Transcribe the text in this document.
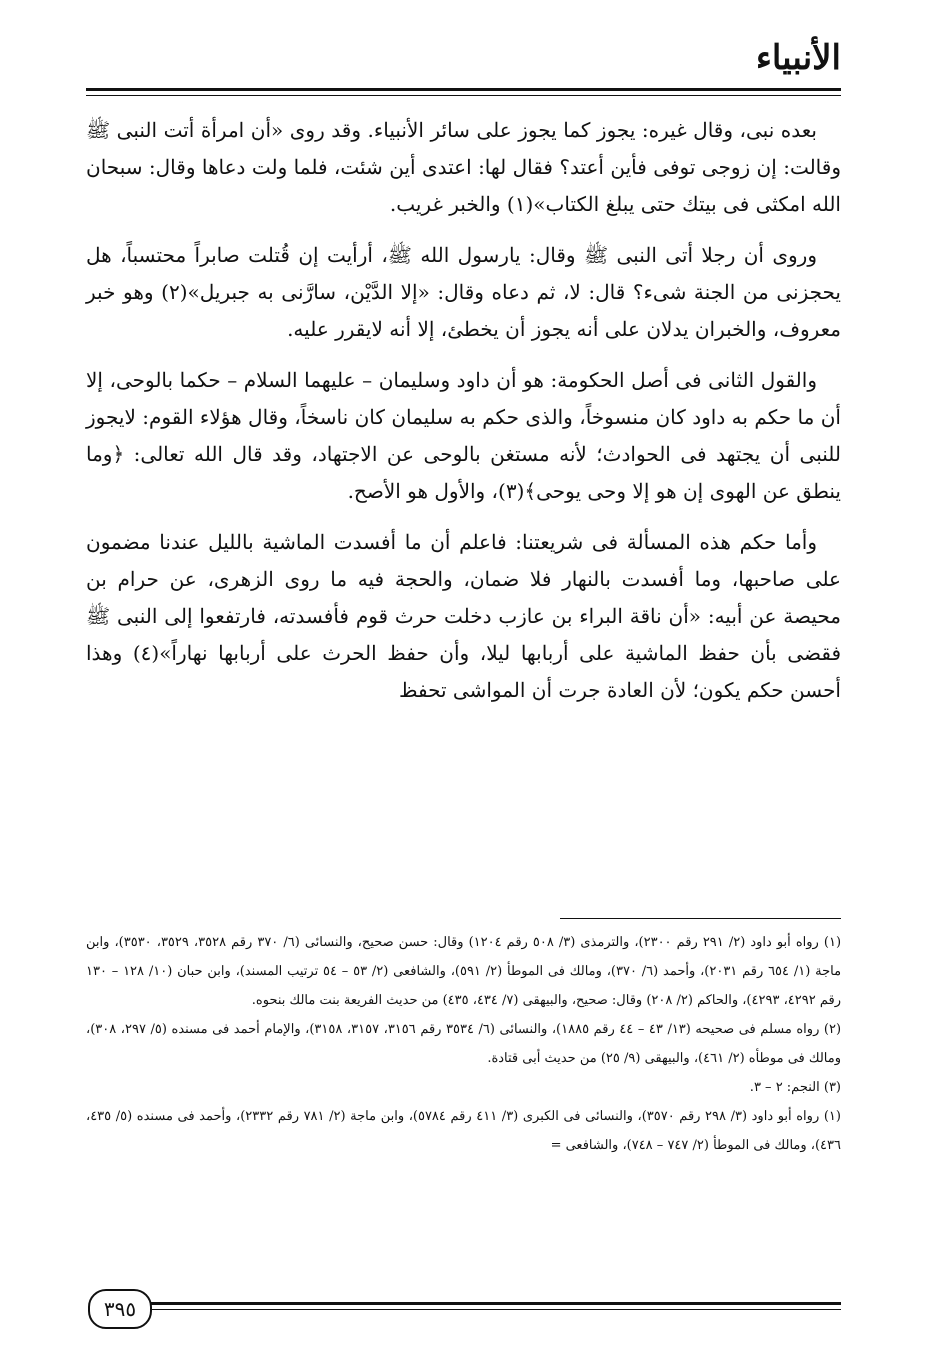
الأنبياء

بعده نبى، وقال غيره: يجوز كما يجوز على سائر الأنبياء. وقد روى «أن امرأة أتت النبى ﷺ وقالت: إن زوجى توفى فأين أعتد؟ فقال لها: اعتدى أين شئت، فلما ولت دعاها وقال: سبحان الله امكثى فى بيتك حتى يبلغ الكتاب»(١) والخبر غريب.

وروى أن رجلا أتى النبى ﷺ وقال: يارسول الله ﷺ، أرأيت إن قُتلت صابراً محتسباً، هل يحجزنى من الجنة شىء؟ قال: لا، ثم دعاه وقال: «إلا الدَّيْن، سارَّنى به جبريل»(٢) وهو خبر معروف، والخبران يدلان على أنه يجوز أن يخطئ، إلا أنه لايقرر عليه.

والقول الثانى فى أصل الحكومة: هو أن داود وسليمان – عليهما السلام – حكما بالوحى، إلا أن ما حكم به داود كان منسوخاً، والذى حكم به سليمان كان ناسخاً، وقال هؤلاء القوم: لايجوز للنبى أن يجتهد فى الحوادث؛ لأنه مستغن بالوحى عن الاجتهاد، وقد قال الله تعالى: ﴿وما ينطق عن الهوى إن هو إلا وحى يوحى﴾(٣)، والأول هو الأصح.

وأما حكم هذه المسألة فى شريعتنا: فاعلم أن ما أفسدت الماشية بالليل عندنا مضمون على صاحبها، وما أفسدت بالنهار فلا ضمان، والحجة فيه ما روى الزهرى، عن حرام بن محيصة عن أبيه: «أن ناقة البراء بن عازب دخلت حرث قوم فأفسدته، فارتفعوا إلى النبى ﷺ فقضى بأن حفظ الماشية على أربابها ليلا، وأن حفظ الحرث على أربابها نهاراً»(٤) وهذا أحسن حكم يكون؛ لأن العادة جرت أن المواشى تحفظ

(١) رواه أبو داود (٢/ ٢٩١ رقم ٢٣٠٠)، والترمذى (٣/ ٥٠٨ رقم ١٢٠٤) وقال: حسن صحيح، والنسائى (٦/ ٣٧٠ رقم ٣٥٢٨، ٣٥٢٩، ٣٥٣٠)، وابن ماجة (١/ ٦٥٤ رقم ٢٠٣١)، وأحمد (٦/ ٣٧٠)، ومالك فى الموطأ (٢/ ٥٩١)، والشافعى (٢/ ٥٣ – ٥٤ ترتيب المسند)، وابن حبان (١٠/ ١٢٨ – ١٣٠ رقم ٤٢٩٢، ٤٢٩٣)، والحاكم (٢/ ٢٠٨) وقال: صحيح، والبيهقى (٧/ ٤٣٤، ٤٣٥) من حديث الفريعة بنت مالك بنحوه.

(٢) رواه مسلم فى صحيحه (١٣/ ٤٣ – ٤٤ رقم ١٨٨٥)، والنسائى (٦/ ٣٥٣٤ رقم ٣١٥٦، ٣١٥٧، ٣١٥٨)، والإمام أحمد فى مسنده (٥/ ٢٩٧، ٣٠٨)، ومالك فى موطأه (٢/ ٤٦١)، والبيهقى (٩/ ٢٥) من حديث أبى قتادة.

(٣) النجم: ٢ – ٣.

(١) رواه أبو داود (٣/ ٢٩٨ رقم ٣٥٧٠)، والنسائى فى الكبرى (٣/ ٤١١ رقم ٥٧٨٤)، وابن ماجة (٢/ ٧٨١ رقم ٢٣٣٢)، وأحمد فى مسنده (٥/ ٤٣٥، ٤٣٦)، ومالك فى الموطأ (٢/ ٧٤٧ – ٧٤٨)، والشافعى =

٣٩٥
